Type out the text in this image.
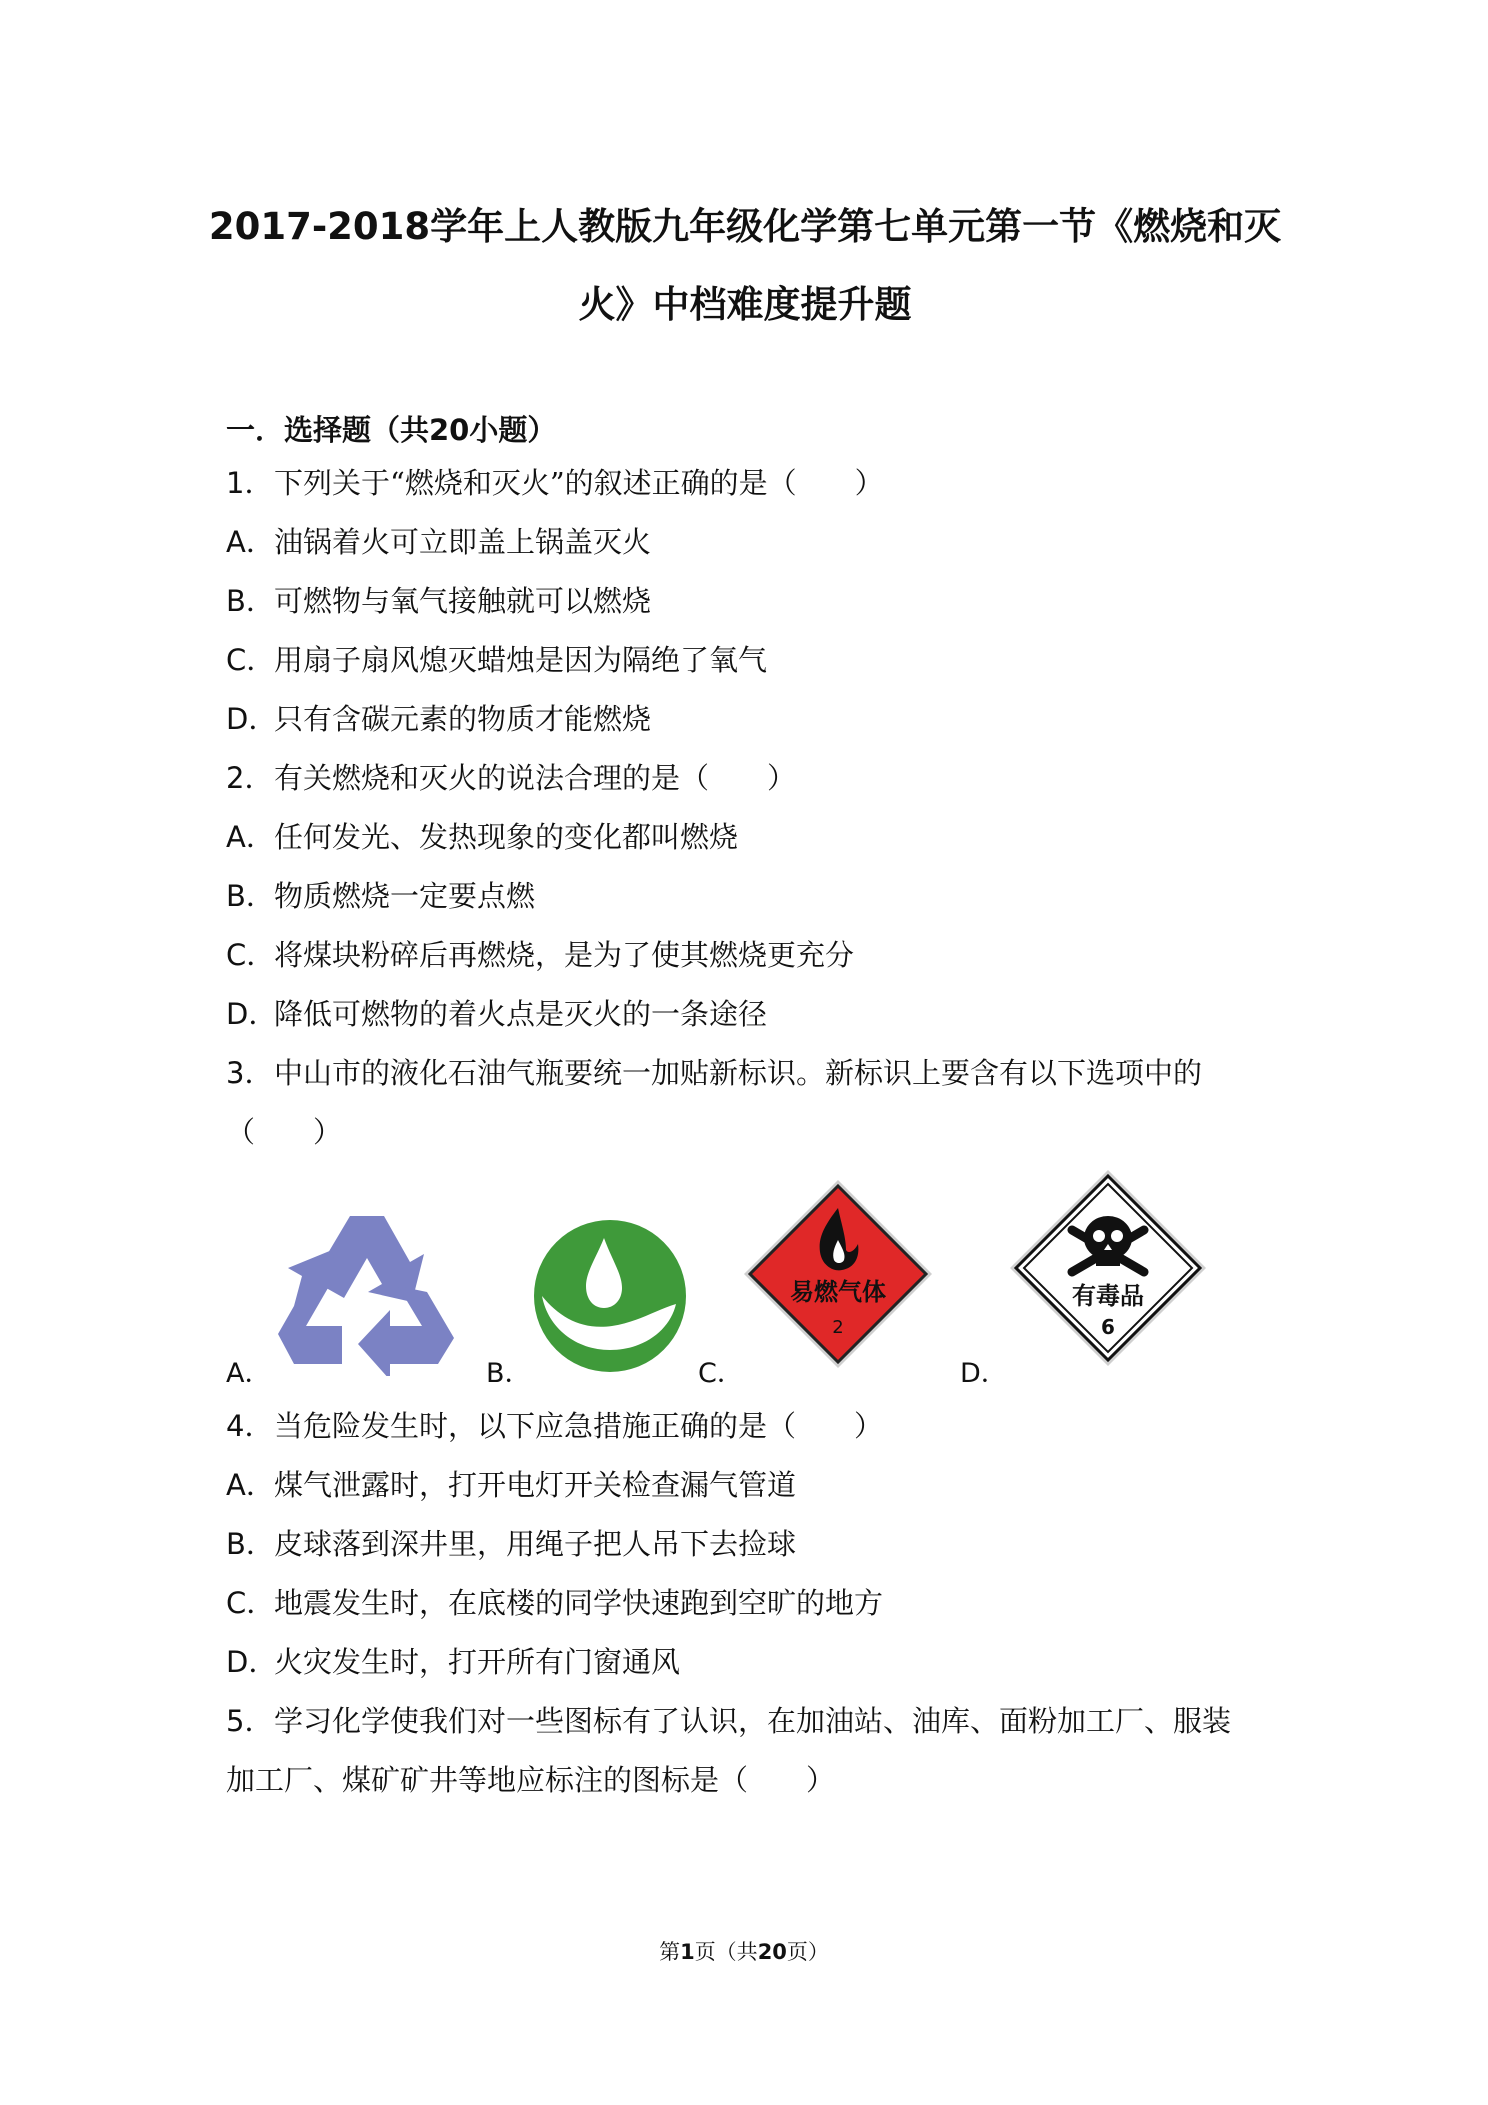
2017-2018学年上人教版九年级化学第七单元第一节《燃烧和灭
火》中档难度提升题
一．选择题（共20小题）
1．下列关于“燃烧和灭火”的叙述正确的是（　　）
A．油锅着火可立即盖上锅盖灭火
B．可燃物与氧气接触就可以燃烧
C．用扇子扇风熄灭蜡烛是因为隔绝了氧气
D．只有含碳元素的物质才能燃烧
2．有关燃烧和灭火的说法合理的是（　　）
A．任何发光、发热现象的变化都叫燃烧
B．物质燃烧一定要点燃
C．将煤块粉碎后再燃烧，是为了使其燃烧更充分
D．降低可燃物的着火点是灭火的一条途径
3．中山市的液化石油气瓶要统一加贴新标识。新标识上要含有以下选项中的
（　　）
A．	B．	C．
易燃气体
2
D．
有毒品
6
4．当危险发生时，以下应急措施正确的是（　　）
A．煤气泄露时，打开电灯开关检查漏气管道
B．皮球落到深井里，用绳子把人吊下去捡球
C．地震发生时，在底楼的同学快速跑到空旷的地方
D．火灾发生时，打开所有门窗通风
5．学习化学使我们对一些图标有了认识，在加油站、油库、面粉加工厂、服装
加工厂、煤矿矿井等地应标注的图标是（　　）
第1页（共20页）
